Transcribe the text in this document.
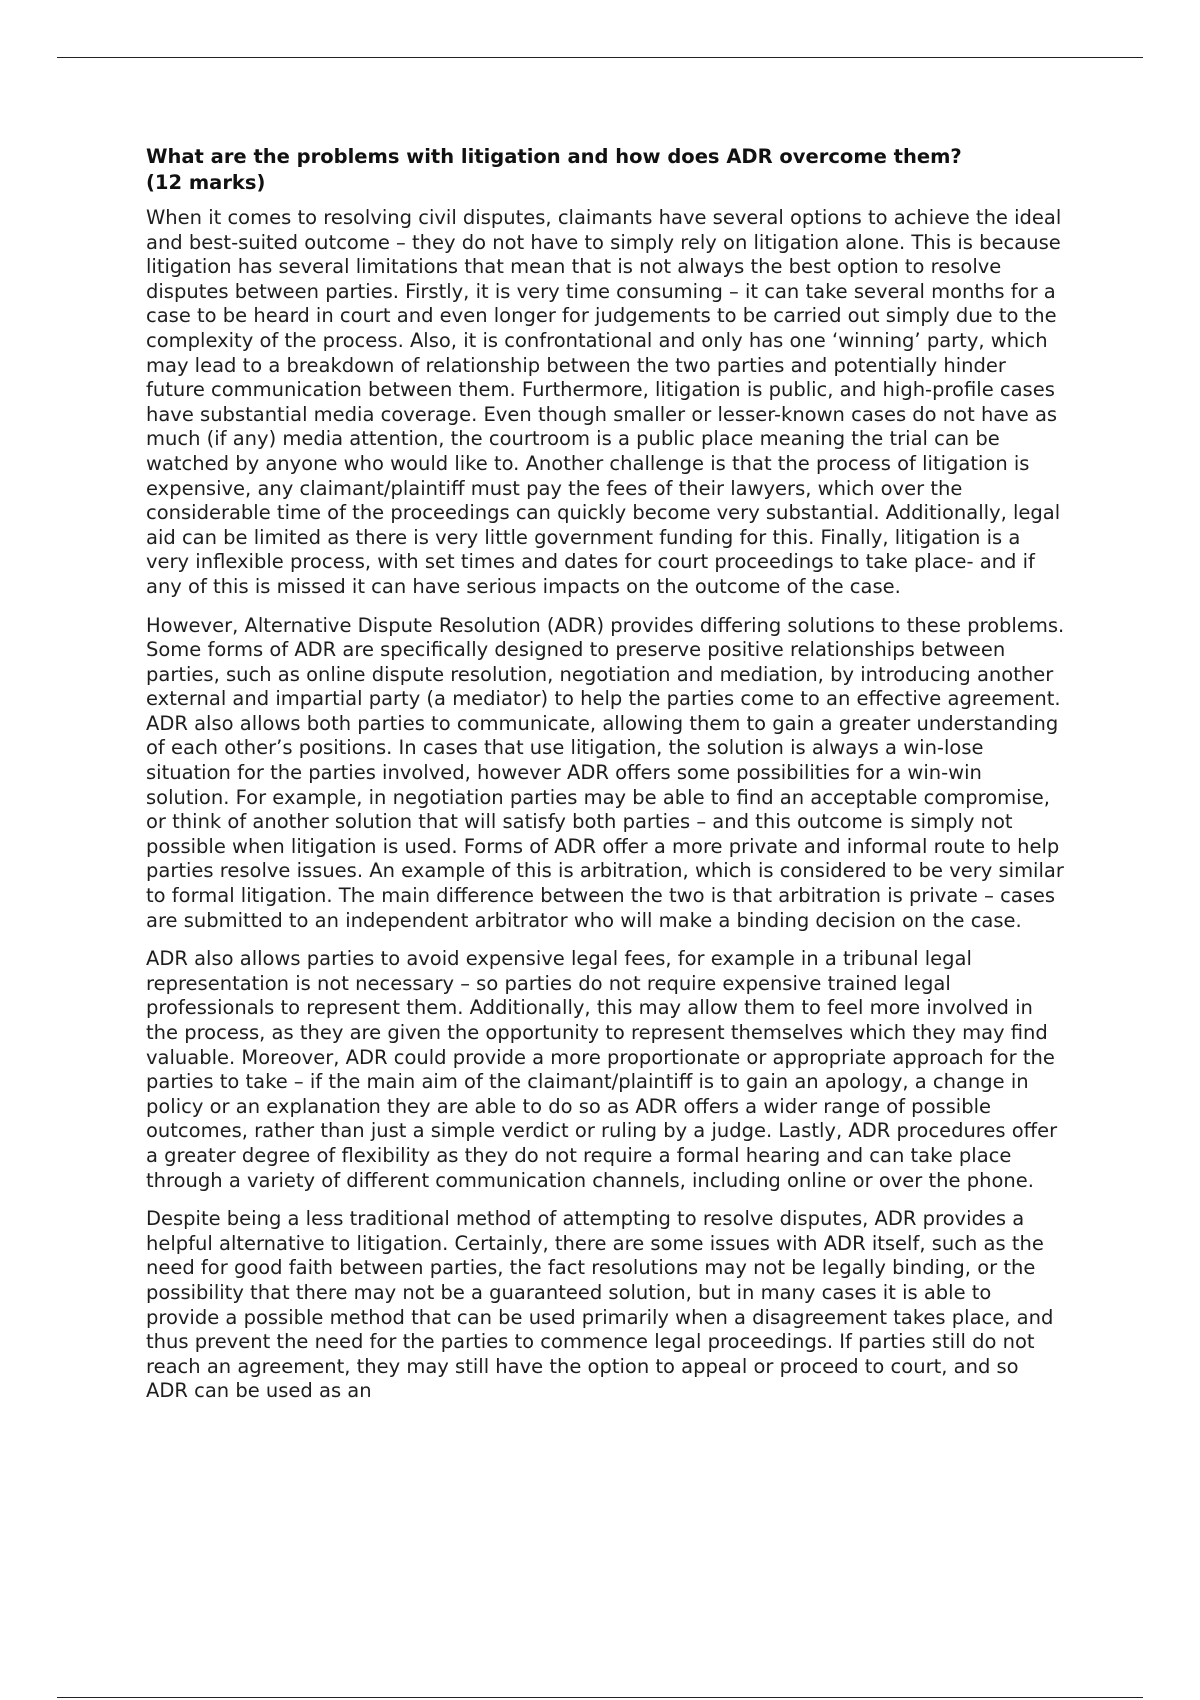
What are the problems with litigation and how does ADR overcome them?
(12 marks)

When it comes to resolving civil disputes, claimants have several options to achieve the ideal and best-suited outcome – they do not have to simply rely on litigation alone. This is because litigation has several limitations that mean that is not always the best option to resolve disputes between parties. Firstly, it is very time consuming – it can take several months for a case to be heard in court and even longer for judgements to be carried out simply due to the complexity of the process. Also, it is confrontational and only has one ‘winning’ party, which may lead to a breakdown of relationship between the two parties and potentially hinder future communication between them. Furthermore, litigation is public, and high-profile cases have substantial media coverage. Even though smaller or lesser-known cases do not have as much (if any) media attention, the courtroom is a public place meaning the trial can be watched by anyone who would like to. Another challenge is that the process of litigation is expensive, any claimant/plaintiff must pay the fees of their lawyers, which over the considerable time of the proceedings can quickly become very substantial. Additionally, legal aid can be limited as there is very little government funding for this. Finally, litigation is a very inflexible process, with set times and dates for court proceedings to take place- and if any of this is missed it can have serious impacts on the outcome of the case.

However, Alternative Dispute Resolution (ADR) provides differing solutions to these problems. Some forms of ADR are specifically designed to preserve positive relationships between parties, such as online dispute resolution, negotiation and mediation, by introducing another external and impartial party (a mediator) to help the parties come to an effective agreement. ADR also allows both parties to communicate, allowing them to gain a greater understanding of each other’s positions. In cases that use litigation, the solution is always a win-lose situation for the parties involved, however ADR offers some possibilities for a win-win solution. For example, in negotiation parties may be able to find an acceptable compromise, or think of another solution that will satisfy both parties – and this outcome is simply not possible when litigation is used. Forms of ADR offer a more private and informal route to help parties resolve issues. An example of this is arbitration, which is considered to be very similar to formal litigation. The main difference between the two is that arbitration is private – cases are submitted to an independent arbitrator who will make a binding decision on the case.

ADR also allows parties to avoid expensive legal fees, for example in a tribunal legal representation is not necessary – so parties do not require expensive trained legal professionals to represent them. Additionally, this may allow them to feel more involved in the process, as they are given the opportunity to represent themselves which they may find valuable. Moreover, ADR could provide a more proportionate or appropriate approach for the parties to take – if the main aim of the claimant/plaintiff is to gain an apology, a change in policy or an explanation they are able to do so as ADR offers a wider range of possible outcomes, rather than just a simple verdict or ruling by a judge. Lastly, ADR procedures offer a greater degree of flexibility as they do not require a formal hearing and can take place through a variety of different communication channels, including online or over the phone.

Despite being a less traditional method of attempting to resolve disputes, ADR provides a helpful alternative to litigation. Certainly, there are some issues with ADR itself, such as the need for good faith between parties, the fact resolutions may not be legally binding, or the possibility that there may not be a guaranteed solution, but in many cases it is able to provide a possible method that can be used primarily when a disagreement takes place, and thus prevent the need for the parties to commence legal proceedings. If parties still do not reach an agreement, they may still have the option to appeal or proceed to court, and so ADR can be used as an
